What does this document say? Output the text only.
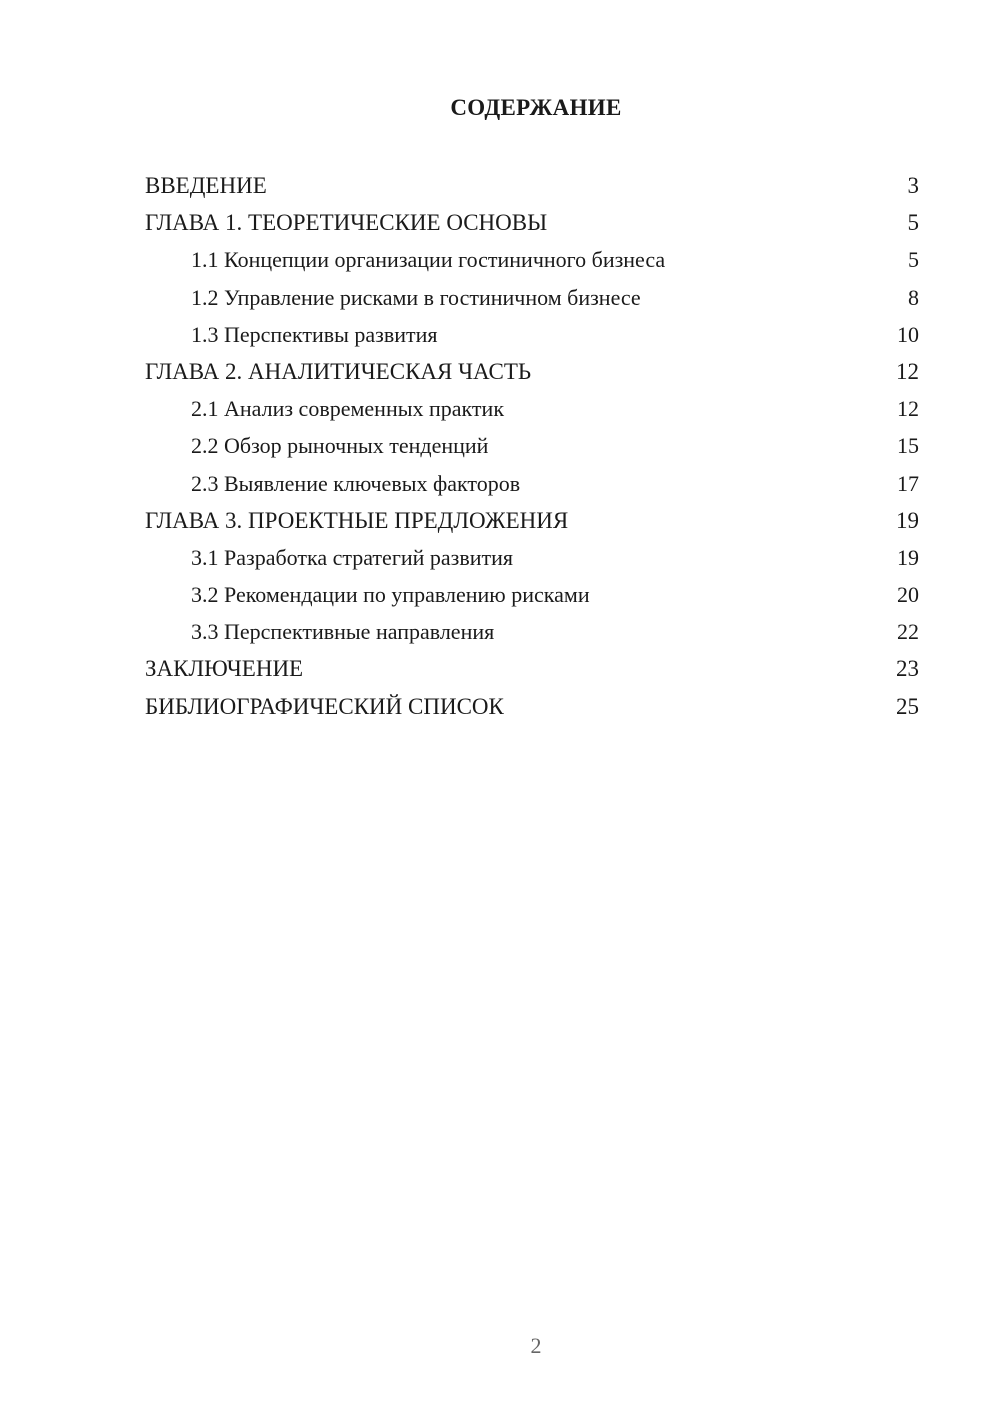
СОДЕРЖАНИЕ
ВВЕДЕНИЕ	3
ГЛАВА 1. ТЕОРЕТИЧЕСКИЕ ОСНОВЫ	5
1.1 Концепции организации гостиничного бизнеса	5
1.2 Управление рисками в гостиничном бизнесе	8
1.3 Перспективы развития	10
ГЛАВА 2. АНАЛИТИЧЕСКАЯ ЧАСТЬ	12
2.1 Анализ современных практик	12
2.2 Обзор рыночных тенденций	15
2.3 Выявление ключевых факторов	17
ГЛАВА 3. ПРОЕКТНЫЕ ПРЕДЛОЖЕНИЯ	19
3.1 Разработка стратегий развития	19
3.2 Рекомендации по управлению рисками	20
3.3 Перспективные направления	22
ЗАКЛЮЧЕНИЕ	23
БИБЛИОГРАФИЧЕСКИЙ СПИСОК	25
2
